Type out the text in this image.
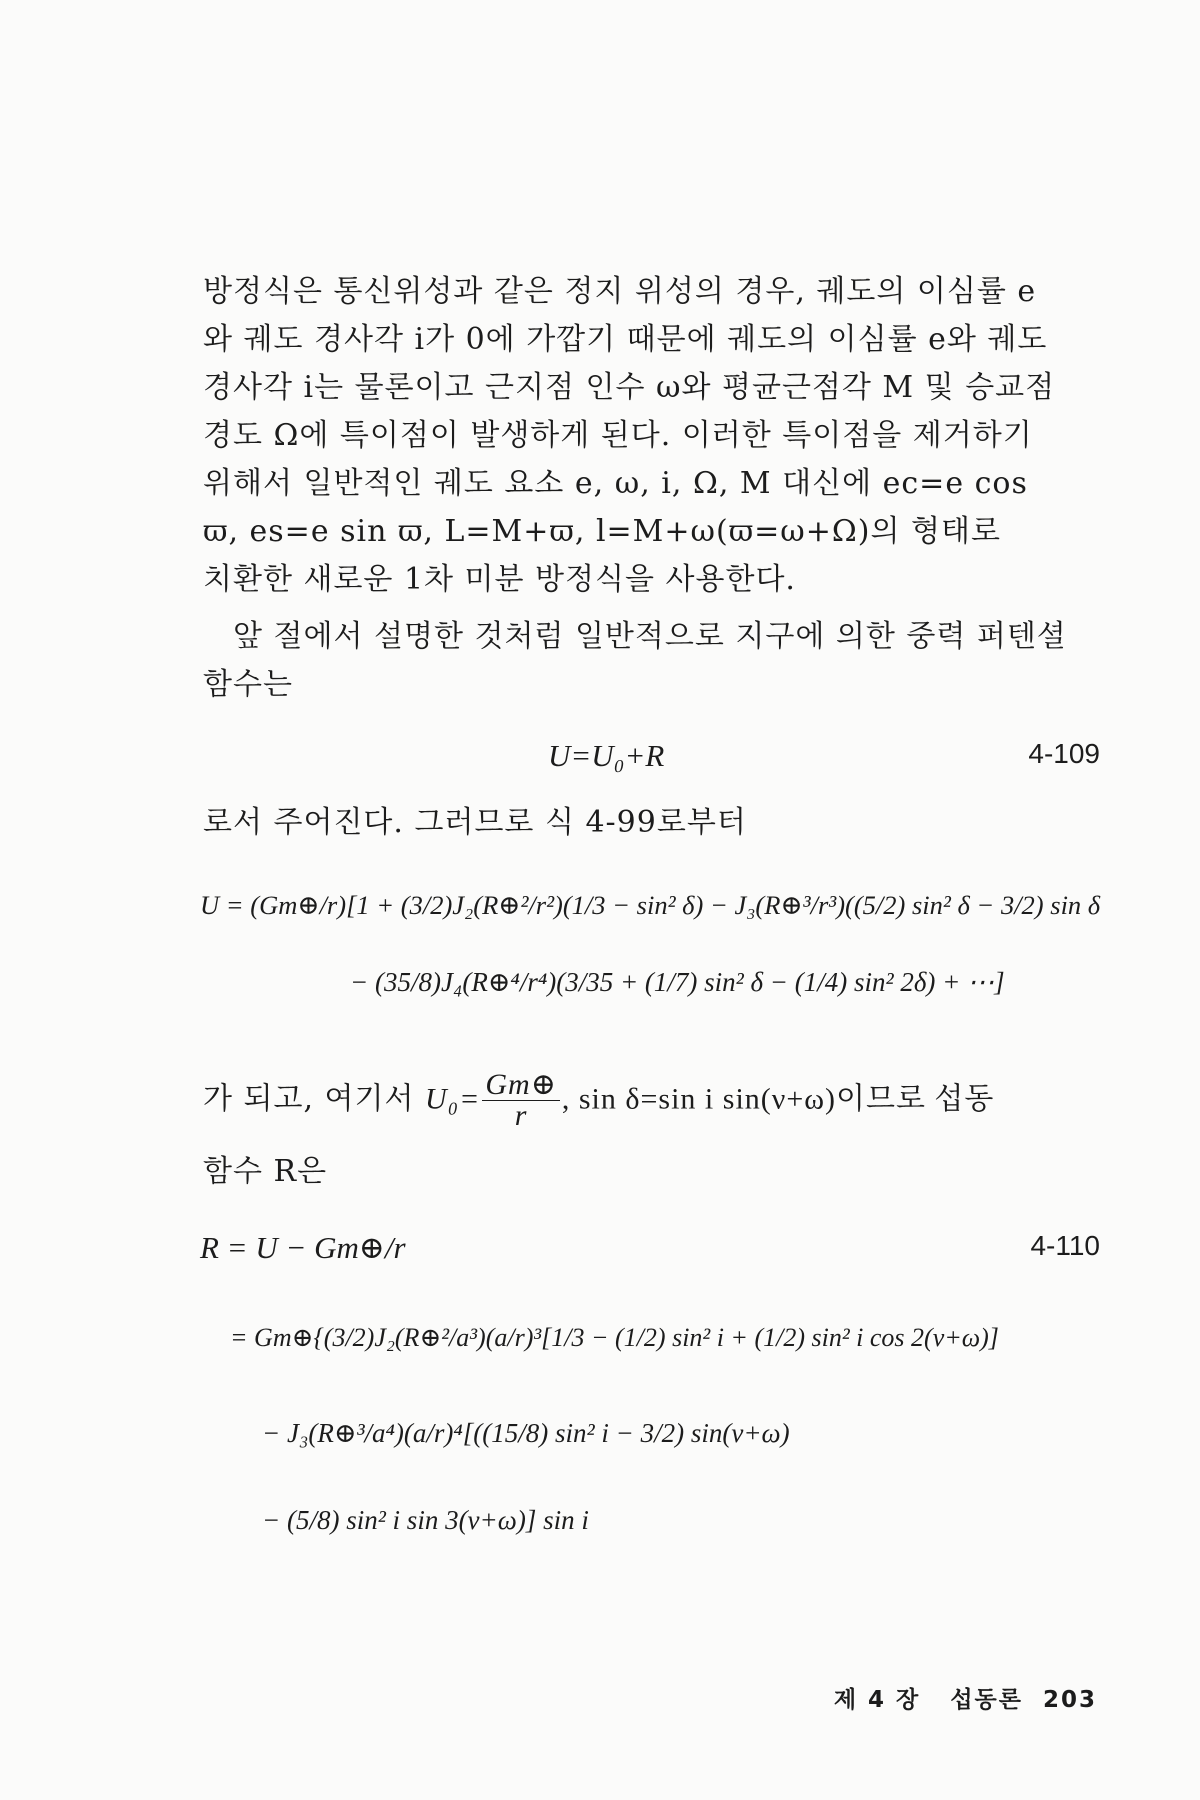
방정식은 통신위성과 같은 정지 위성의 경우, 궤도의 이심률 e
와 궤도 경사각 i가 0에 가깝기 때문에 궤도의 이심률 e와 궤도
경사각 i는 물론이고 근지점 인수 ω와 평균근점각 M 및 승교점
경도 Ω에 특이점이 발생하게 된다. 이러한 특이점을 제거하기
위해서 일반적인 궤도 요소 e, ω, i, Ω, M 대신에 ec=e cos
ϖ, es=e sin ϖ, L=M+ϖ, l=M+ω(ϖ=ω+Ω)의 형태로
치환한 새로운 1차 미분 방정식을 사용한다.
앞 절에서 설명한 것처럼 일반적으로 지구에 의한 중력 퍼텐셜
함수는
U=U₀+R	4-109
로서 주어진다. 그러므로 식 4-99로부터
U = (Gm⊕/r)[1 + (3/2)J₂(R⊕²/r²)(1/3 − sin² δ) − J₃(R⊕³/r³)((5/2) sin² δ − 3/2) sin δ
− (35/8)J₄(R⊕⁴/r⁴)(3/35 + (1/7) sin² δ − (1/4) sin² 2δ) + ⋯]
가 되고, 여기서 $U_0= \frac{Gm\oplus}{r}$ , sin δ=sin i sin(ν+ω)이므로 섭동
함수 R은
R = U − Gm⊕/r	4-110
= Gm⊕{(3/2)J₂(R⊕²/a³)(a/r)³[1/3 − (1/2) sin² i + (1/2) sin² i cos 2(ν+ω)]
− J₃(R⊕³/a⁴)(a/r)⁴[((15/8) sin² i − 3/2) sin(ν+ω)
− (5/8) sin² i sin 3(ν+ω)] sin i
제 4 장 섭동론 203
